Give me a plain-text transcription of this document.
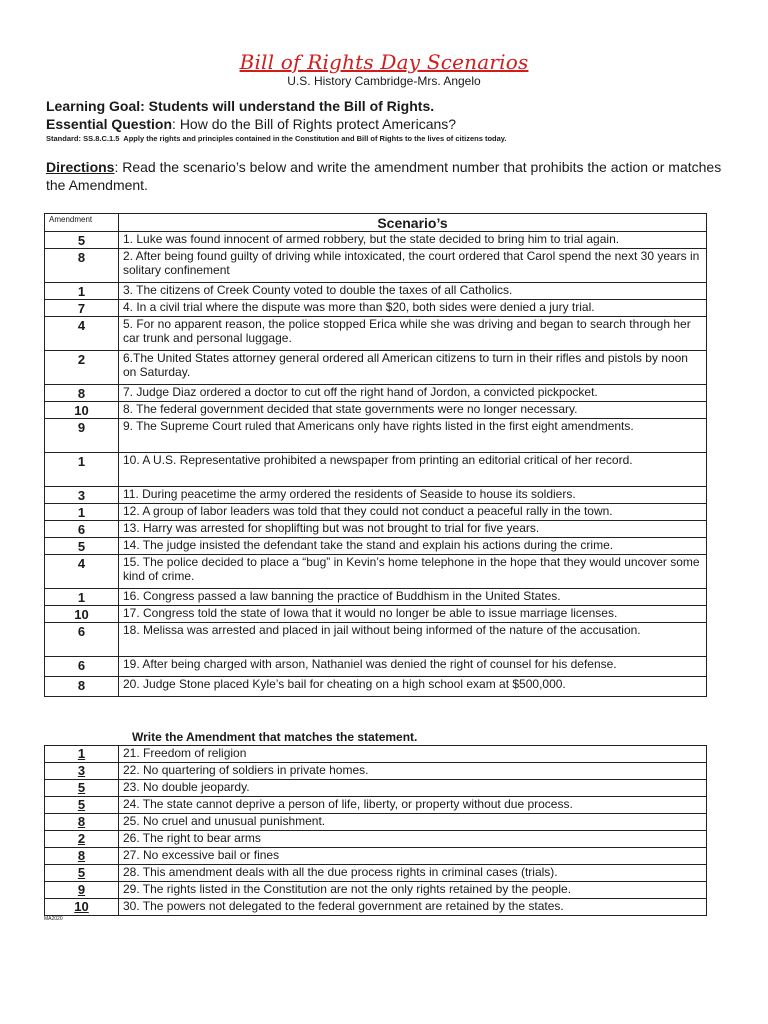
Bill of Rights Day Scenarios
U.S. History Cambridge-Mrs. Angelo
Learning Goal: Students will understand the Bill of Rights.
Essential Question: How do the Bill of Rights protect Americans?
Standard: SS.8.C.1.5 Apply the rights and principles contained in the Constitution and Bill of Rights to the lives of citizens today.
Directions: Read the scenario’s below and write the amendment number that prohibits the action or matches the Amendment.
Amendment	Scenario’s
5	1. Luke was found innocent of armed robbery, but the state decided to bring him to trial again.
8	2. After being found guilty of driving while intoxicated, the court ordered that Carol spend the next 30 years in solitary confinement
1	3. The citizens of Creek County voted to double the taxes of all Catholics.
7	4. In a civil trial where the dispute was more than $20, both sides were denied a jury trial.
4	5. For no apparent reason, the police stopped Erica while she was driving and began to search through her car trunk and personal luggage.
2	6.The United States attorney general ordered all American citizens to turn in their rifles and pistols by noon on Saturday.
8	7. Judge Diaz ordered a doctor to cut off the right hand of Jordon, a convicted pickpocket.
10	8. The federal government decided that state governments were no longer necessary.
9	9. The Supreme Court ruled that Americans only have rights listed in the first eight amendments.
1	10. A U.S. Representative prohibited a newspaper from printing an editorial critical of her record.
3	11. During peacetime the army ordered the residents of Seaside to house its soldiers.
1	12. A group of labor leaders was told that they could not conduct a peaceful rally in the town.
6	13. Harry was arrested for shoplifting but was not brought to trial for five years.
5	14. The judge insisted the defendant take the stand and explain his actions during the crime.
4	15. The police decided to place a “bug” in Kevin’s home telephone in the hope that they would uncover some kind of crime.
1	16. Congress passed a law banning the practice of Buddhism in the United States.
10	17. Congress told the state of Iowa that it would no longer be able to issue marriage licenses.
6	18. Melissa was arrested and placed in jail without being informed of the nature of the accusation.
6	19. After being charged with arson, Nathaniel was denied the right of counsel for his defense.
8	20. Judge Stone placed Kyle’s bail for cheating on a high school exam at $500,000.
Write the Amendment that matches the statement.
1	21. Freedom of religion
3	22. No quartering of soldiers in private homes.
5	23. No double jeopardy.
5	24. The state cannot deprive a person of life, liberty, or property without due process.
8	25. No cruel and unusual punishment.
2	26. The right to bear arms
8	27. No excessive bail or fines
5	28. This amendment deals with all the due process rights in criminal cases (trials).
9	29. The rights listed in the Constitution are not the only rights retained by the people.
10	30. The powers not delegated to the federal government are retained by the states.
MA2020
